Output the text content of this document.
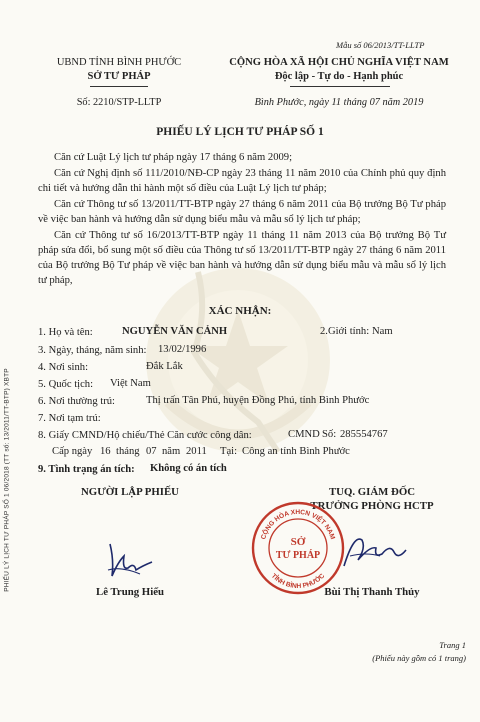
Mẫu số 06/2013/TT-LLTP
UBND TỈNH BÌNH PHƯỚC
SỞ TƯ PHÁP
Số: 2210/STP-LLTP
CỘNG HÒA XÃ HỘI CHỦ NGHĨA VIỆT NAM
Độc lập - Tự do - Hạnh phúc
Bình Phước, ngày 11 tháng 07 năm 2019
PHIẾU LÝ LỊCH TƯ PHÁP SỐ 1
Căn cứ Luật Lý lịch tư pháp ngày 17 tháng 6 năm 2009;
Căn cứ Nghị định số 111/2010/NĐ-CP ngày 23 tháng 11 năm 2010 của Chính phủ quy định chi tiết và hướng dẫn thi hành một số điều của Luật Lý lịch tư pháp;
Căn cứ Thông tư số 13/2011/TT-BTP ngày 27 tháng 6 năm 2011 của Bộ trưởng Bộ Tư pháp về việc ban hành và hướng dẫn sử dụng biểu mẫu và mẫu sổ lý lịch tư pháp;
Căn cứ Thông tư số 16/2013/TT-BTP ngày 11 tháng 11 năm 2013 của Bộ trưởng Bộ Tư pháp sửa đổi, bổ sung một số điều của Thông tư số 13/2011/TT-BTP ngày 27 tháng 6 năm 2011 của Bộ trưởng Bộ Tư pháp về việc ban hành và hướng dẫn sử dụng biểu mẫu và mẫu sổ lý lịch tư pháp,
XÁC NHẬN:
1. Họ và tên:	NGUYỄN VĂN CẢNH	2.Giới tính: Nam
3. Ngày, tháng, năm sinh: 13/02/1996
4. Nơi sinh:	Đắk Lắk
5. Quốc tịch: Việt Nam
6. Nơi thường trú:	Thị trấn Tân Phú, huyện Đồng Phú, tỉnh Bình Phước
7. Nơi tạm trú:
8. Giấy CMND/Hộ chiếu/Thẻ Căn cước công dân:	CMND Số: 285554767
Cấp ngày 16 tháng 07 năm 2011 Tại: Công an tỉnh Bình Phước
9. Tình trạng án tích: Không có án tích
NGƯỜI LẬP PHIẾU	TUQ. GIÁM ĐỐC
TRƯỞNG PHÒNG HCTP
CỘNG HÒA XHCN VIỆT NAM
TỈNH BÌNH PHƯỚC
SỞ
TƯ PHÁP
Lê Trung Hiếu	Bùi Thị Thanh Thủy
Trang 1
(Phiếu này gồm có 1 trang)
PHIẾU LÝ LỊCH TƯ PHÁP SỐ 1 06/2018 (TT số: 13/2011/TT-BTP) XBTP
